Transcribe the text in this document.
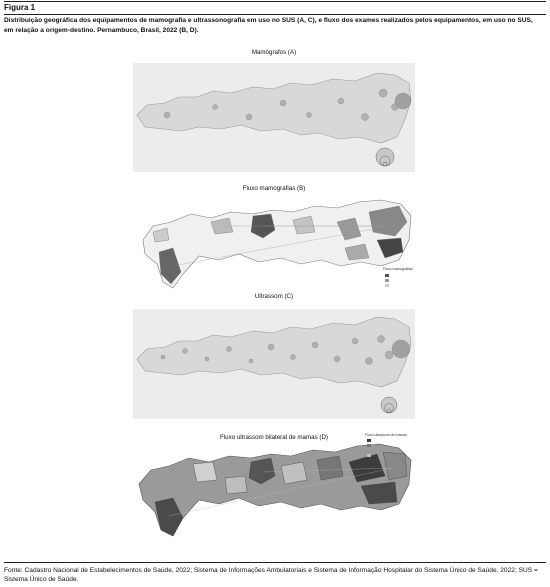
Figura 1
Distribuição geográfica dos equipamentos de mamografia e ultrassonografia em uso no SUS (A, C), e fluxo dos exames realizados pelos equipamentos, em uso no SUS, em relação a origem-destino. Pernambuco, Brasil, 2022 (B, D).
Mamógrafos (A)
Fluxo mamografias (B)
Fluxo mamografias
Ultrassom (C)
Fluxo ultrassom bilateral de mamas (D)	Fluxo ultrassom de mamas
Fonte: Cadastro Nacional de Estabelecimentos de Saúde, 2022; Sistema de Informações Ambulatoriais e Sistema de Informação Hospitalar do Sistema Único de Saúde, 2022; SUS = Sistema Único de Saúde.
